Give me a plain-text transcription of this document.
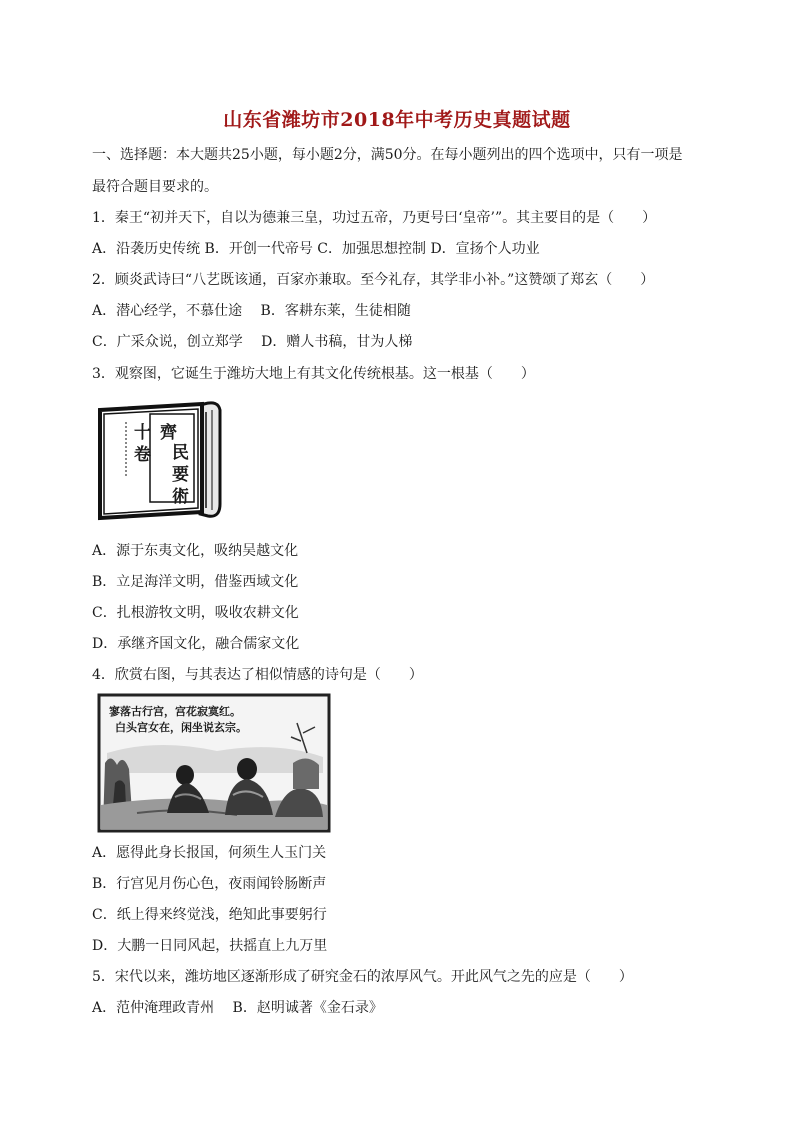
山东省潍坊市2018年中考历史真题试题
一、选择题：本大题共25小题，每小题2分，满50分。在每小题列出的四个选项中，只有一项是
最符合题目要求的。
1．秦王“初并天下，自以为德兼三皇，功过五帝，乃更号曰‘皇帝’”。其主要目的是（　　）
A．沿袭历史传统 B．开创一代帝号 C．加强思想控制 D．宣扬个人功业
2．顾炎武诗曰“八艺既该通，百家亦兼取。至今礼存，其学非小补。”这赞颂了郑玄（　　）
A．潜心经学，不慕仕途　 B．客耕东莱，生徒相随
C．广采众说，创立郑学　 D．赠人书稿，甘为人梯
3．观察图，它诞生于潍坊大地上有其文化传统根基。这一根基（　　）
齊
民
要
術
十
卷
A．源于东夷文化，吸纳吴越文化
B．立足海洋文明，借鉴西域文化
C．扎根游牧文明，吸收农耕文化
D．承继齐国文化，融合儒家文化
4．欣赏右图，与其表达了相似情感的诗句是（　　）
寥落古行宫，宫花寂寞红。
白头宫女在，闲坐说玄宗。
A．愿得此身长报国，何须生人玉门关
B．行宫见月伤心色，夜雨闻铃肠断声
C．纸上得来终觉浅，绝知此事要躬行
D．大鹏一日同风起，扶摇直上九万里
5．宋代以来，潍坊地区逐渐形成了研究金石的浓厚风气。开此风气之先的应是（　　）
A．范仲淹理政青州　 B．赵明诚著《金石录》
